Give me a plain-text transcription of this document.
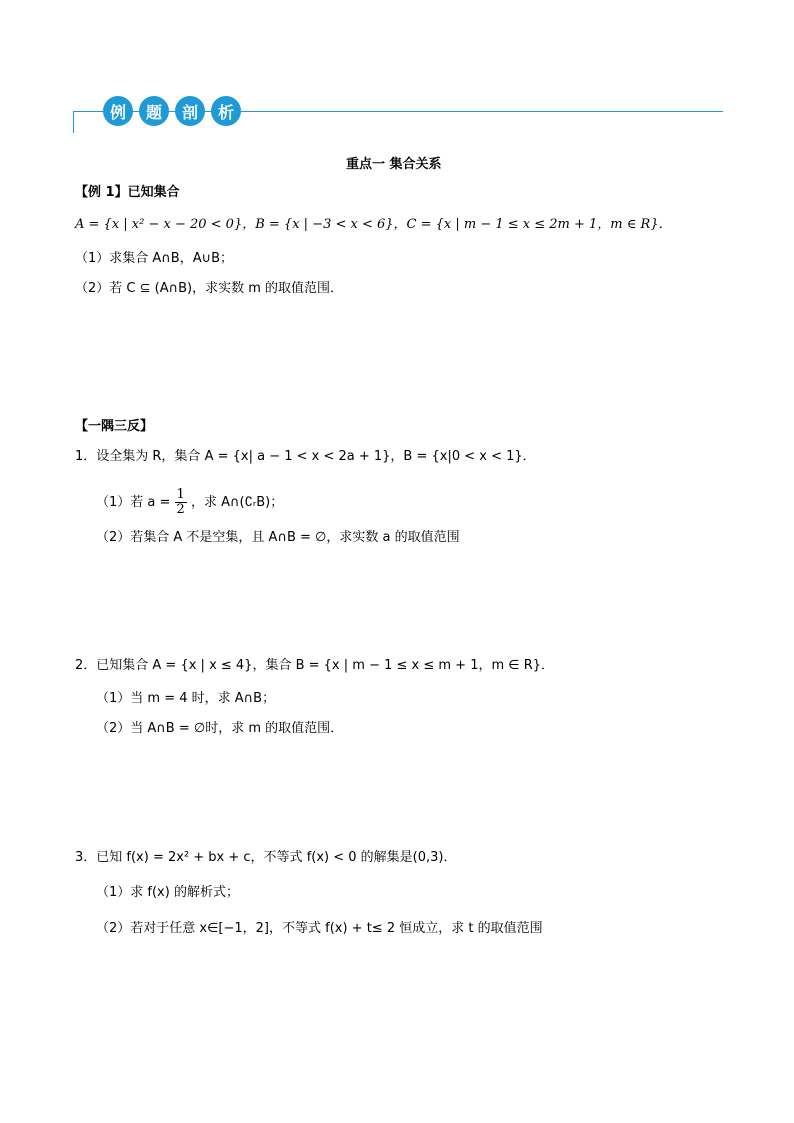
例	题	剖	析
重点一 集合关系
【例 1】已知集合
A = {x | x² − x − 20 < 0}，B = {x | −3 < x < 6}，C = {x | m − 1 ≤ x ≤ 2m + 1，m ∈ R}．
（1）求集合 A∩B，A∪B；
（2）若 C ⊆ (A∩B)，求实数 m 的取值范围．
【一隅三反】
1．设全集为 R，集合 A = {x| a − 1 < x < 2a + 1}，B = {x|0 < x < 1}．
（1）若 $a = \frac{1}{2}$ ，求 A∩(∁ᵣB)；
（2）若集合 A 不是空集，且 A∩B = ∅，求实数 a 的取值范围
2．已知集合 A = {x | x ≤ 4}，集合 B = {x | m − 1 ≤ x ≤ m + 1，m ∈ R}．
（1）当 m = 4 时，求 A∩B；
（2）当 A∩B = ∅时，求 m 的取值范围．
3．已知 f(x) = 2x² + bx + c，不等式 f(x) < 0 的解集是(0,3)．
（1）求 f(x) 的解析式；
（2）若对于任意 x∈[−1，2]，不等式 f(x) + t≤ 2 恒成立，求 t 的取值范围
